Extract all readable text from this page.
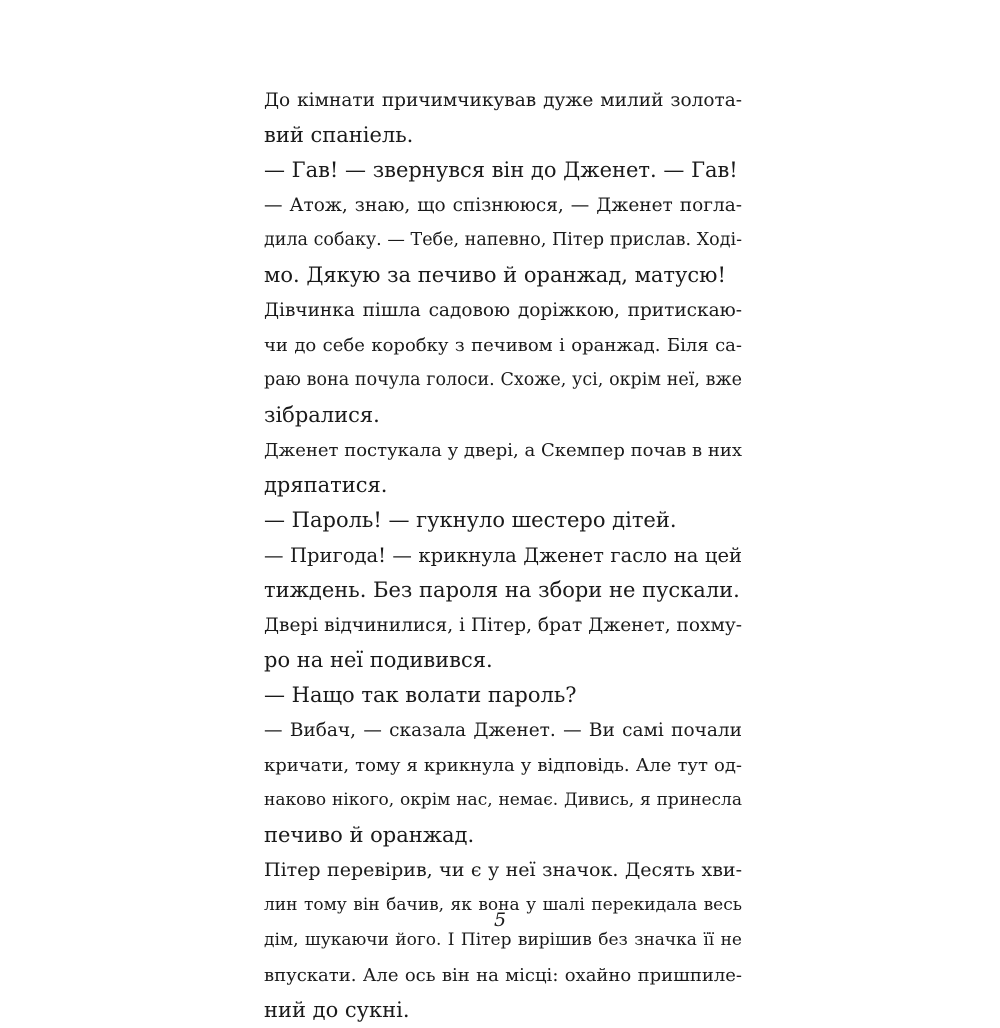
До кімнати причимчикував дуже милий золота-
вий спаніель.
— Гав! — звернувся він до Дженет. — Гав!
— Атож, знаю, що спізнююся, — Дженет погла-
дила собаку. — Тебе, напевно, Пітер прислав. Ході-
мо. Дякую за печиво й оранжад, матусю!
Дівчинка пішла садовою доріжкою, притискаю-
чи до себе коробку з печивом і оранжад. Біля са-
раю вона почула голоси. Схоже, усі, окрім неї, вже
зібралися.
Дженет постукала у двері, а Скемпер почав в них
дряпатися.
— Пароль! — гукнуло шестеро дітей.
— Пригода! — крикнула Дженет гасло на цей
тиждень. Без пароля на збори не пускали.
Двері відчинилися, і Пітер, брат Дженет, похму-
ро на неї подивився.
— Нащо так волати пароль?
— Вибач, — сказала Дженет. — Ви самі почали
кричати, тому я крикнула у відповідь. Але тут од-
наково нікого, окрім нас, немає. Дивись, я принесла
печиво й оранжад.
Пітер перевірив, чи є у неї значок. Десять хви-
лин тому він бачив, як вона у шалі перекидала весь
дім, шукаючи його. І Пітер вирішив без значка її не
впускати. Але ось він на місці: охайно пришпиле-
ний до сукні.
5
